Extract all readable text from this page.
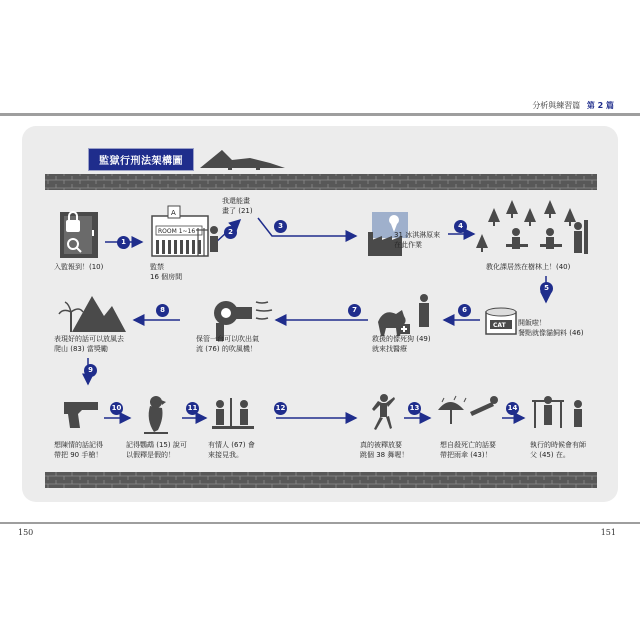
分析與練習篇 第 2 篇
A
ROOM 1~16
CAT
監獄行刑法架構圖
入監報到！(10)	監禁
16 個房間
我還能畫
畫了 (21)
31 冰淇淋原來
在此作業
教化課居然在樹林上！(40)
開飯啦！
餐點就像貓飼料 (46)
救援的像死狗 (49)
就來找醫療
保管一台可以吹出氣
流 (76) 的吹風機！
表現好的話可以放風去
爬山 (83) 當獎勵
想陳情的話記得
帶把 90 手槍！
記得鸚鵡 (15) 說可
以假釋是假的！
有情人 (67) 會
來接見我。
真的被釋放要
跳個 38 舞喔！
想自殺死亡的話要
帶把雨傘 (43)！
執行的時候會有師
父 (45) 在。
1
2
3	4
5
6
7
8
9
10	11	12	13	14
150	151
